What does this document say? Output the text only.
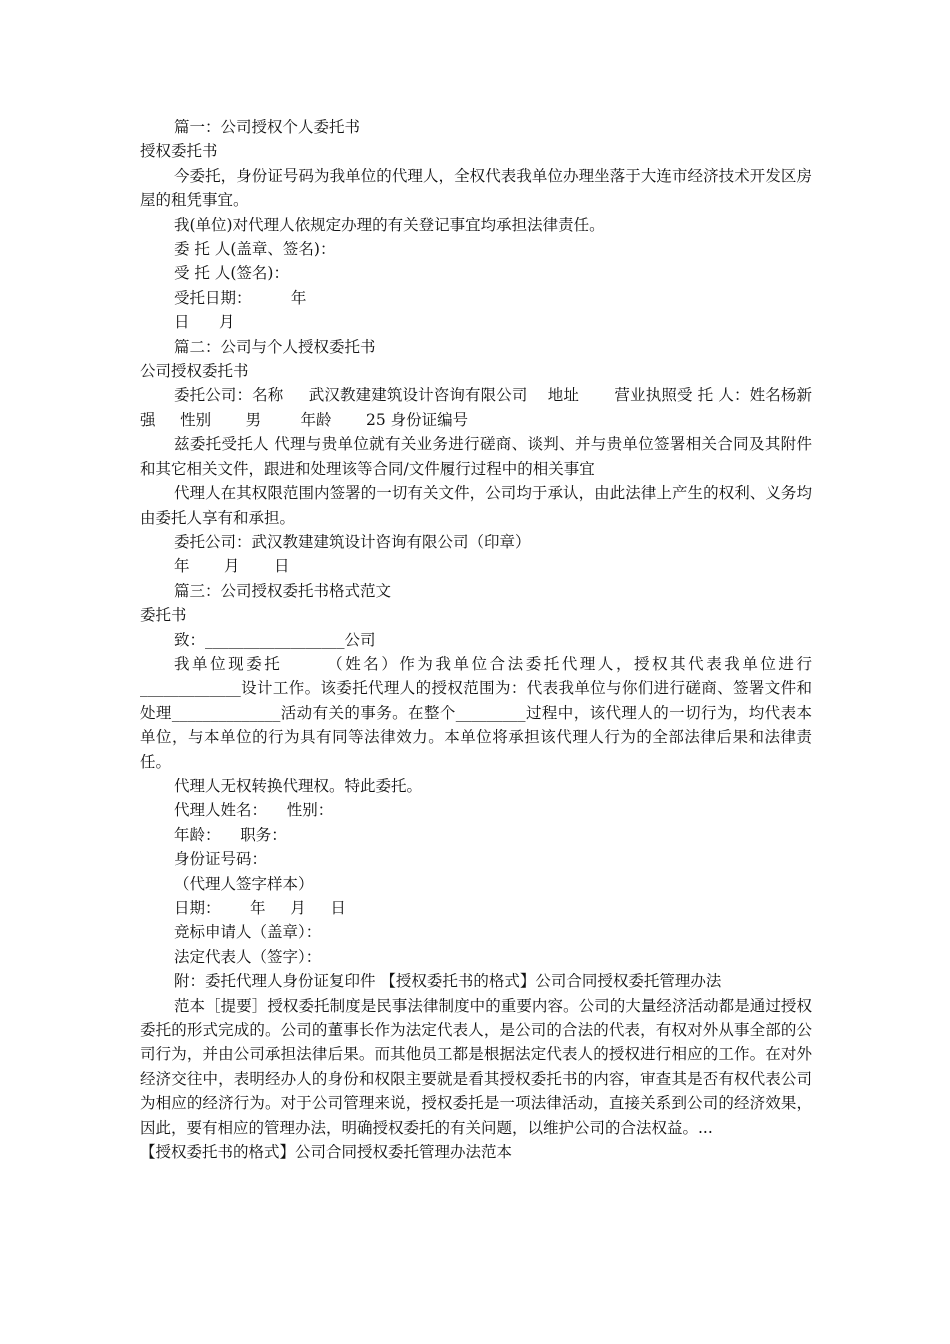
篇一：公司授权个人委托书

授权委托书

今委托，身份证号码为我单位的代理人，全权代表我单位办理坐落于大连市经济技术开发区房屋的租凭事宜。

我(单位)对代理人依规定办理的有关登记事宜均承担法律责任。

委 托 人(盖章、签名)：

受 托 人(签名)：

受托日期：        年

日      月

篇二：公司与个人授权委托书

公司授权委托书

委托公司：名称     武汉教建建筑设计咨询有限公司    地址       营业执照受 托 人：姓名杨新强     性别       男        年龄       25 身份证编号

兹委托受托人 代理与贵单位就有关业务进行磋商、谈判、并与贵单位签署相关合同及其附件和其它相关文件，跟进和处理该等合同/文件履行过程中的相关事宜

代理人在其权限范围内签署的一切有关文件，公司均于承认，由此法律上产生的权利、义务均由委托人享有和承担。

委托公司：武汉教建建筑设计咨询有限公司（印章）

年       月       日

篇三：公司授权委托书格式范文

委托书

致：__________________公司

我单位现委托      （姓名）作为我单位合法委托代理人，授权其代表我单位进行_____________设计工作。该委托代理人的授权范围为：代表我单位与你们进行磋商、签署文件和处理______________活动有关的事务。在整个_________过程中，该代理人的一切行为，均代表本单位，与本单位的行为具有同等法律效力。本单位将承担该代理人行为的全部法律后果和法律责任。

代理人无权转换代理权。特此委托。

代理人姓名：    性别：

年龄：    职务：

身份证号码：

（代理人签字样本）

日期：      年     月     日

竞标申请人（盖章）：

法定代表人（签字）：

附：委托代理人身份证复印件 【授权委托书的格式】公司合同授权委托管理办法

范本［提要］授权委托制度是民事法律制度中的重要内容。公司的大量经济活动都是通过授权委托的形式完成的。公司的董事长作为法定代表人，是公司的合法的代表，有权对外从事全部的公司行为，并由公司承担法律后果。而其他员工都是根据法定代表人的授权进行相应的工作。在对外经济交往中，表明经办人的身份和权限主要就是看其授权委托书的内容，审查其是否有权代表公司为相应的经济行为。对于公司管理来说，授权委托是一项法律活动，直接关系到公司的经济效果，因此，要有相应的管理办法，明确授权委托的有关问题，以维护公司的合法权益。...

【授权委托书的格式】公司合同授权委托管理办法范本
